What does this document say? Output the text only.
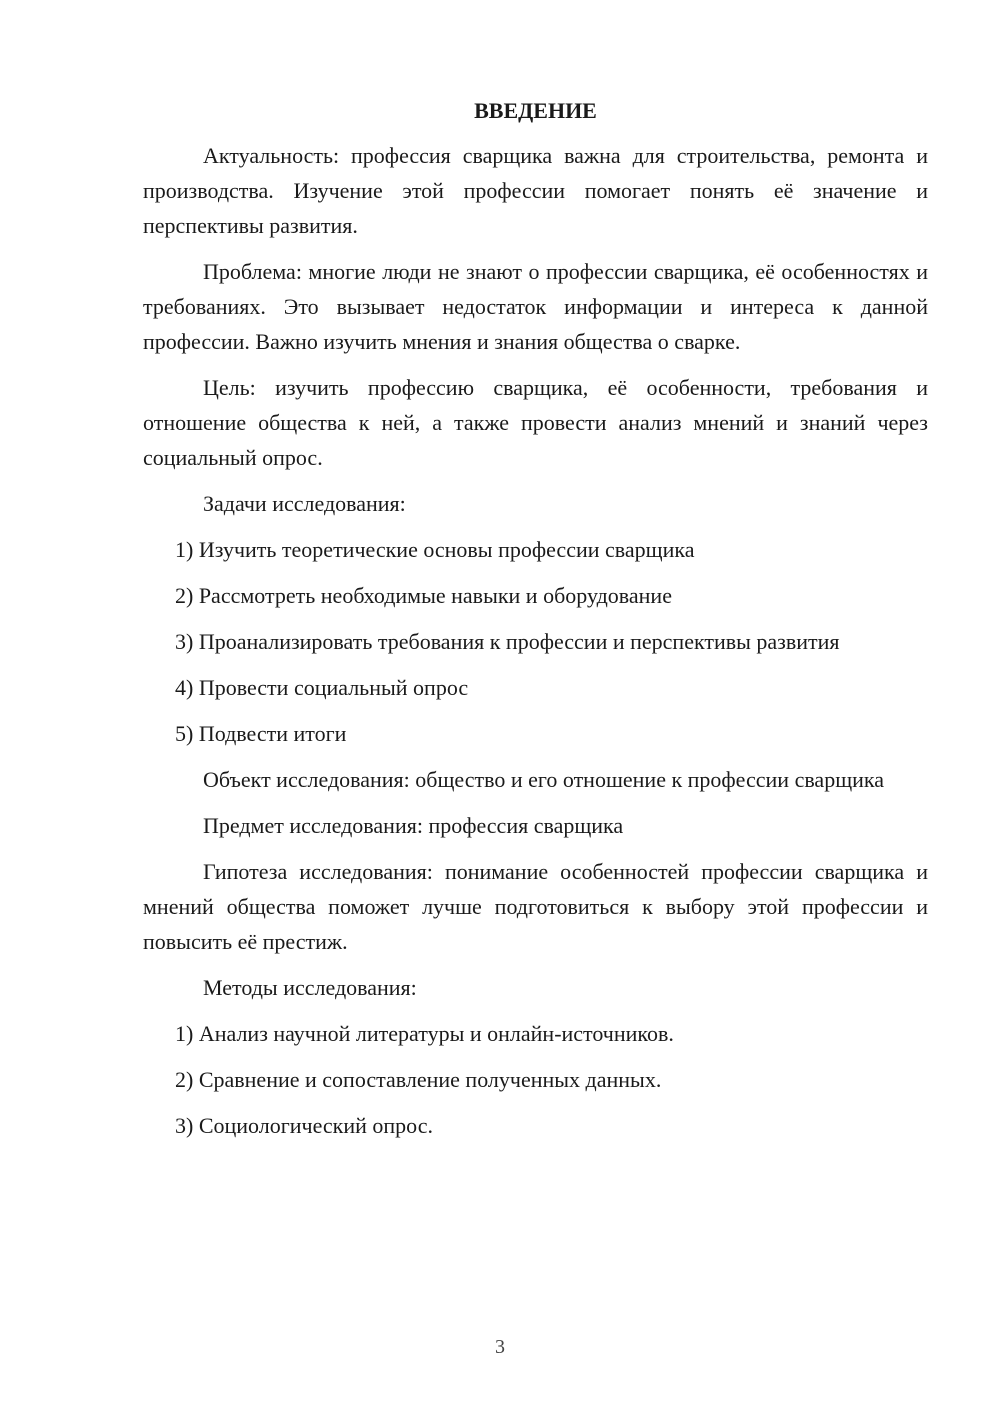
ВВЕДЕНИЕ

Актуальность: профессия сварщика важна для строительства, ремонта и производства. Изучение этой профессии помогает понять её значение и перспективы развития.

Проблема: многие люди не знают о профессии сварщика, её особенностях и требованиях. Это вызывает недостаток информации и интереса к данной профессии. Важно изучить мнения и знания общества о сварке.

Цель: изучить профессию сварщика, её особенности, требования и отношение общества к ней, а также провести анализ мнений и знаний через социальный опрос.

Задачи исследования:

1) Изучить теоретические основы профессии сварщика
2) Рассмотреть необходимые навыки и оборудование
3) Проанализировать требования к профессии и перспективы развития
4) Провести социальный опрос
5) Подвести итоги

Объект исследования: общество и его отношение к профессии сварщика

Предмет исследования: профессия сварщика

Гипотеза исследования: понимание особенностей профессии сварщика и мнений общества поможет лучше подготовиться к выбору этой профессии и повысить её престиж.

Методы исследования:

1) Анализ научной литературы и онлайн-источников.
2) Сравнение и сопоставление полученных данных.
3) Социологический опрос.
3
